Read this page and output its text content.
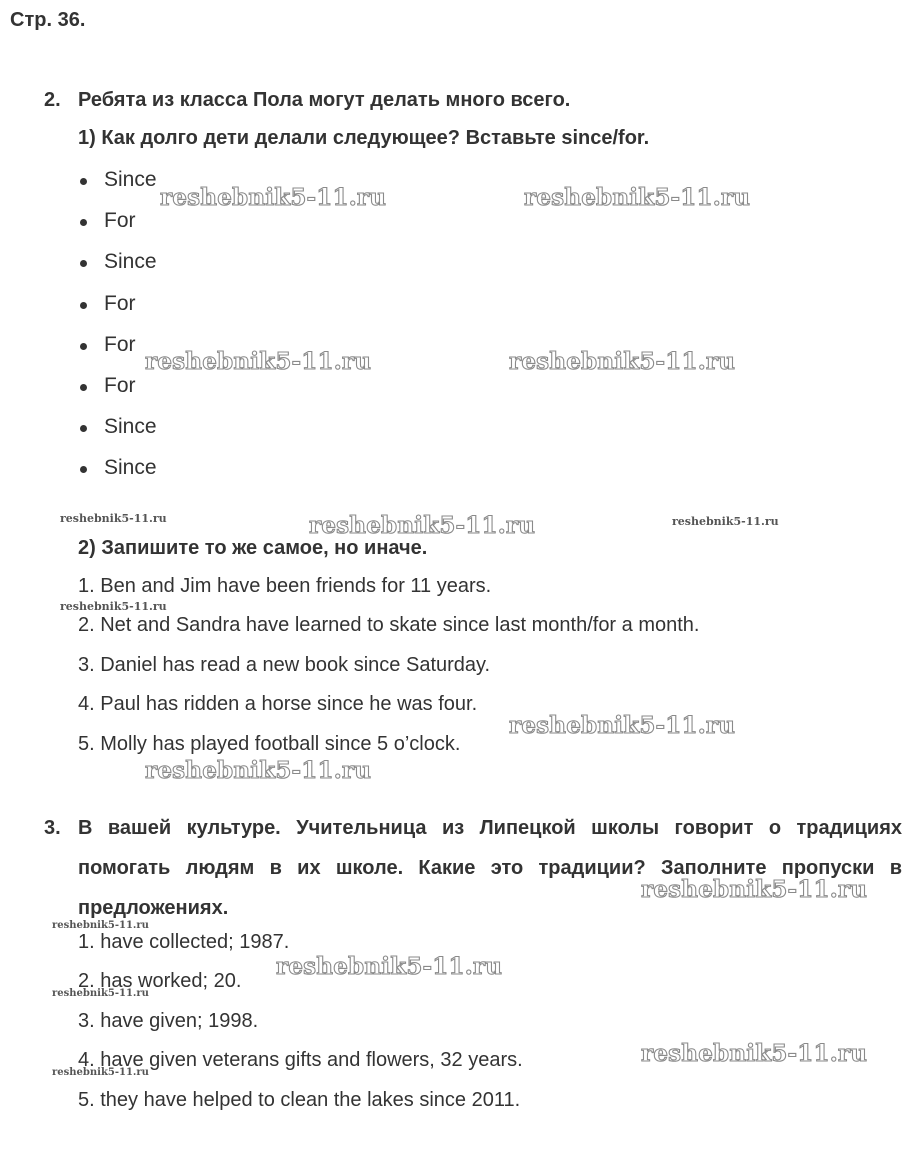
Стр. 36.
2. Ребята из класса Пола могут делать много всего.
1) Как долго дети делали следующее? Вставьте since/for.
Since
For
Since
For
For
For
Since
Since
2) Запишите то же самое, но иначе.
1. Ben and Jim have been friends for 11 years.
2. Net and Sandra have learned to skate since last month/for a month.
3. Daniel has read a new book since Saturday.
4. Paul has ridden a horse since he was four.
5. Molly has played football since 5 o’clock.
3. В вашей культуре. Учительница из Липецкой школы говорит о традициях помогать людям в их школе. Какие это традиции? Заполните пропуски в предложениях.
1. have collected; 1987.
2. has worked; 20.
3. have given; 1998.
4. have given veterans gifts and flowers, 32 years.
5. they have helped to clean the lakes since 2011.
reshebnik5-11.ru	reshebnik5-11.ru
reshebnik5-11.ru	reshebnik5-11.ru
reshebnik5-11.ru
reshebnik5-11.ru
reshebnik5-11.ru
reshebnik5-11.ru
reshebnik5-11.ru
reshebnik5-11.ru
reshebnik5-11.ru	reshebnik5-11.ru
reshebnik5-11.ru
reshebnik5-11.ru
reshebnik5-11.ru
reshebnik5-11.ru
